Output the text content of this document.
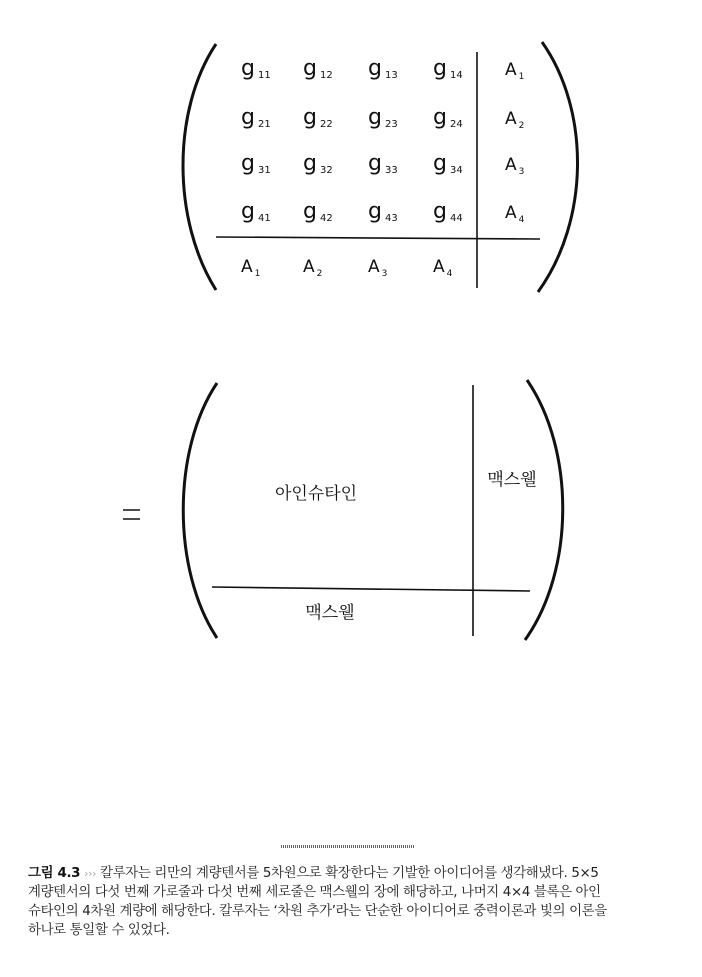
g 11 g 12 g 13 g 14 A $_1$
g 21 g 22 g 23 g 24 A $_2$
g 31 g 32 g 33 g 34 A $_3$
g 41 g 42 g 43 g 44 A $_4$
A $_1$	A $_2$	A $_3$	A $_4$
=
아인슈타인
맥스웰
맥스웰

그림 4.3 ››› 칼루자는 리만의 계량텐서를 5차원으로 확장한다는 기발한 아이디어를 생각해냈다. 5×5

계량텐서의 다섯 번째 가로줄과 다섯 번째 세로줄은 맥스웰의 장에 해당하고, 나머지 4×4 블록은 아인

슈타인의 4차원 계량에 해당한다. 칼루자는 ‘차원 추가’라는 단순한 아이디어로 중력이론과 빛의 이론을

하나로 통일할 수 있었다.
